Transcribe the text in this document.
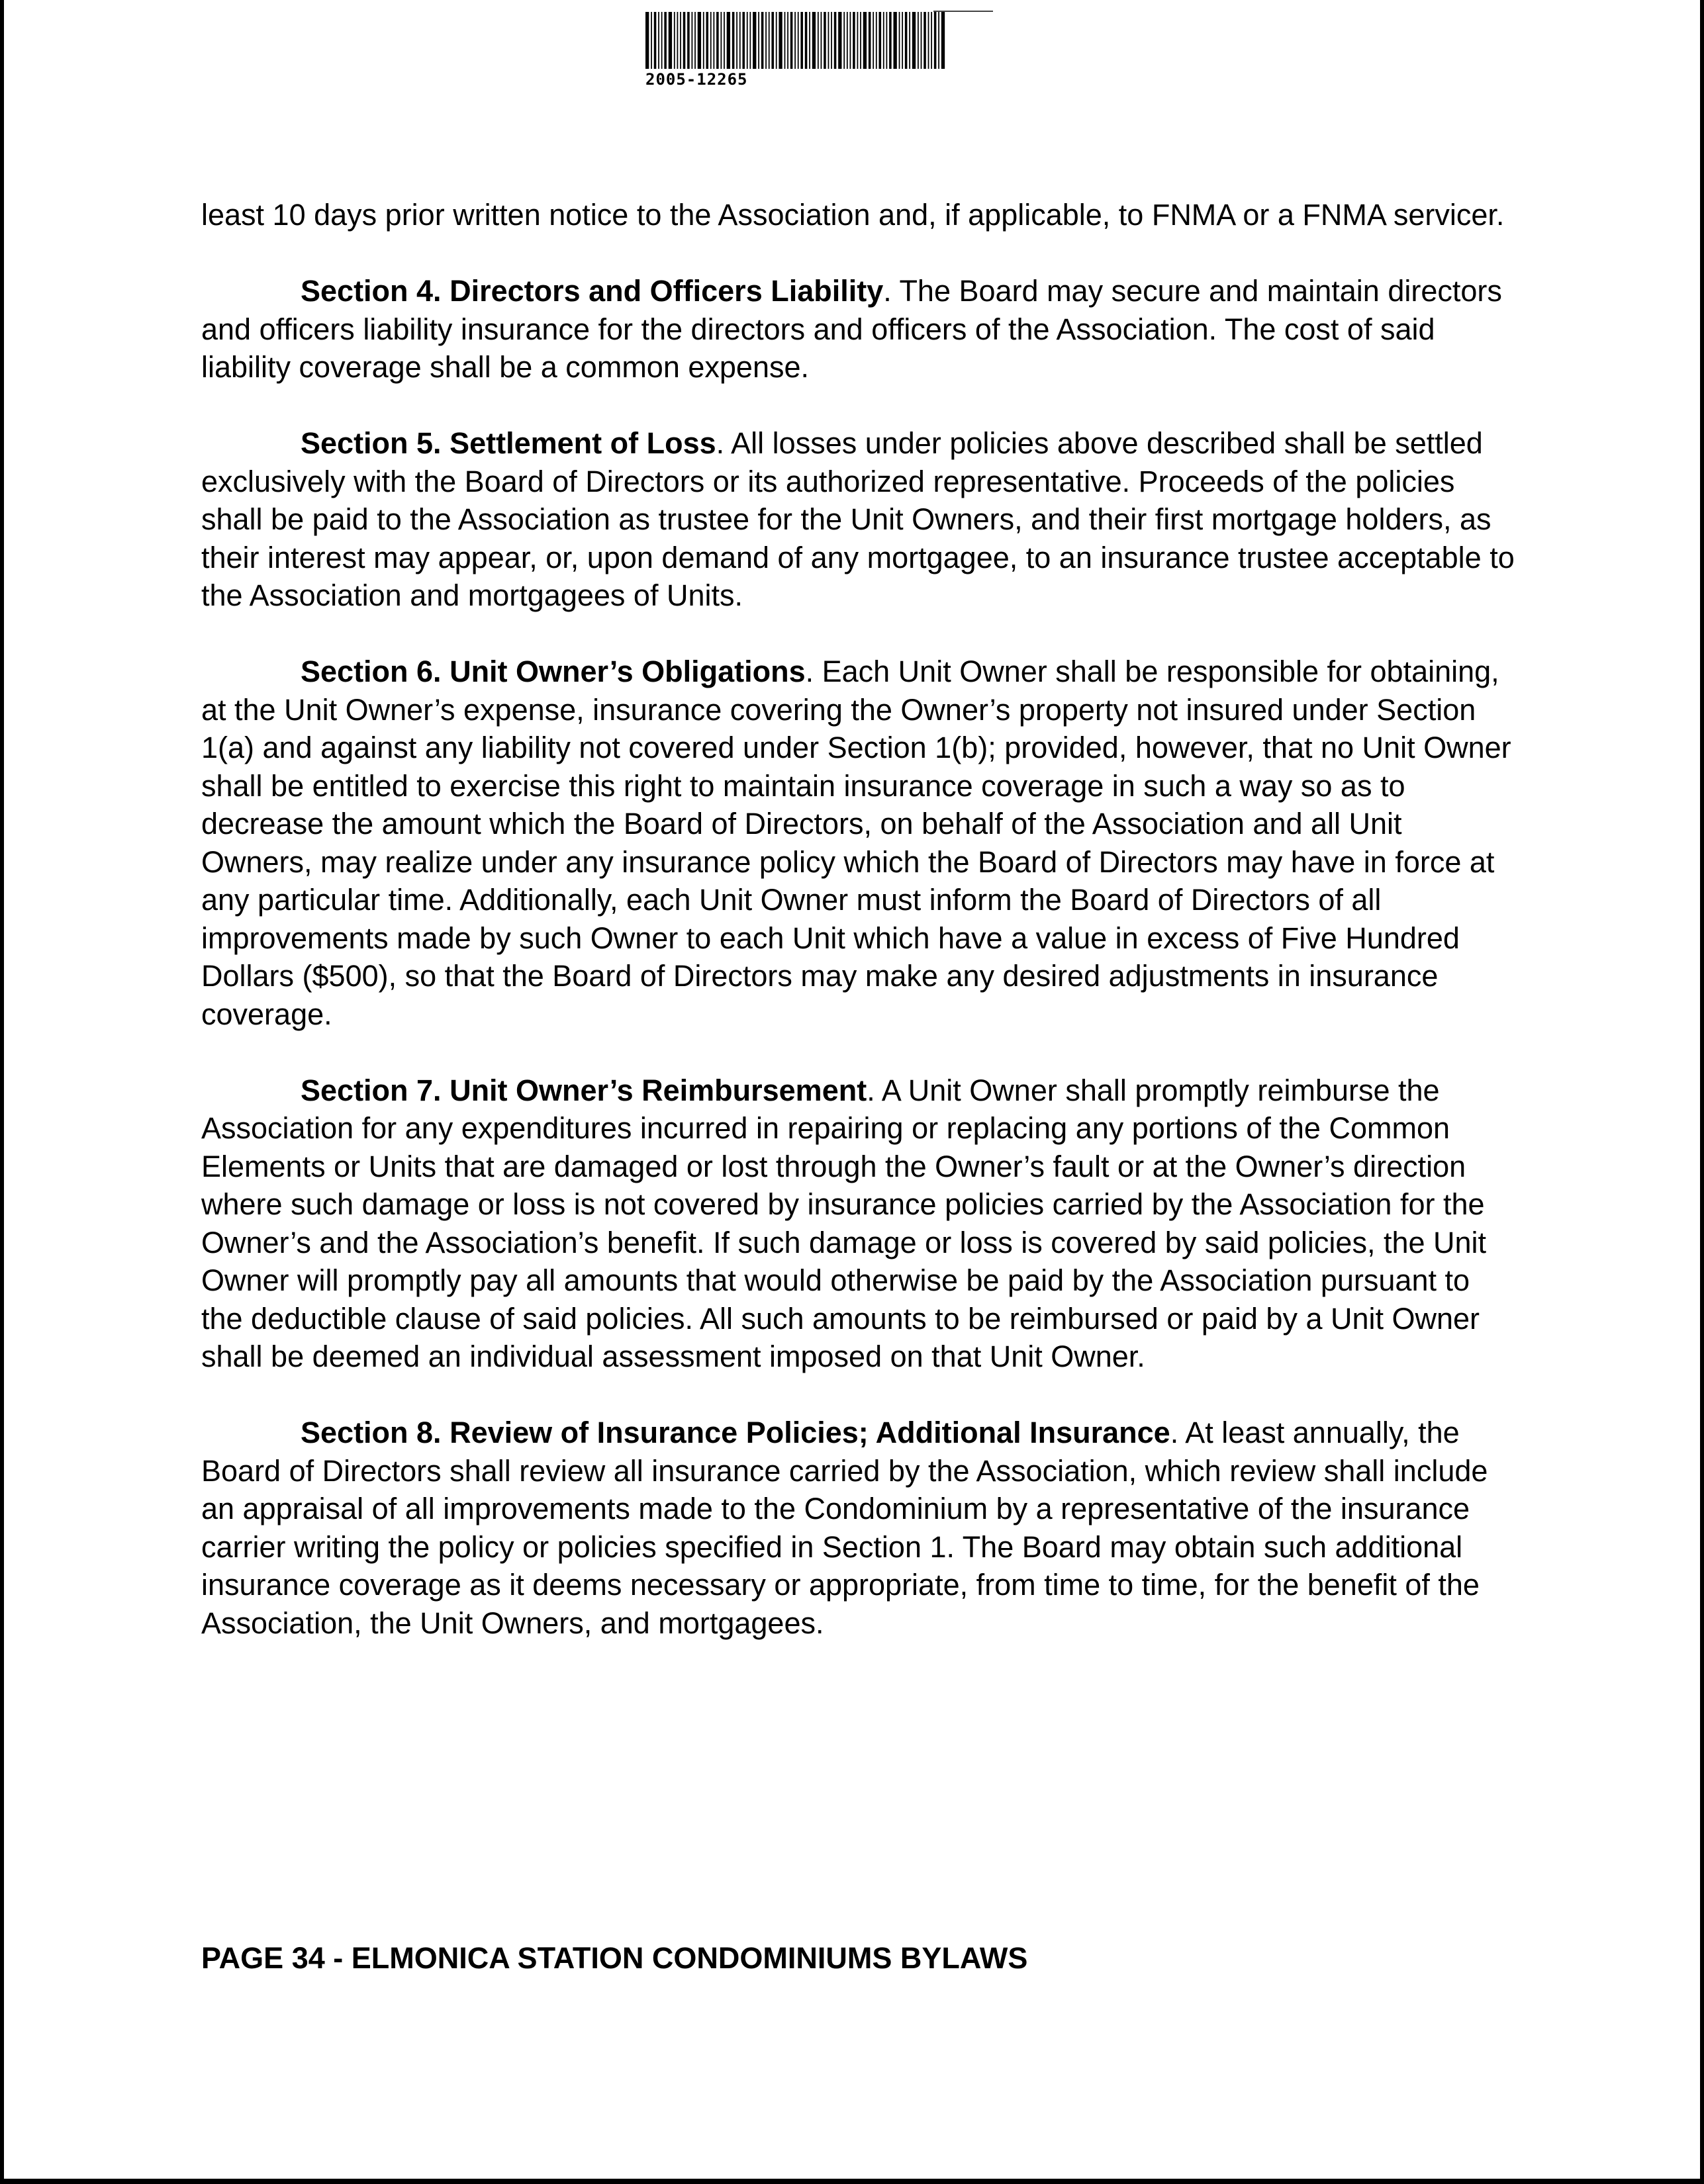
2005-12265

least 10 days prior written notice to the Association and, if applicable, to FNMA or a FNMA servicer.

Section 4. Directors and Officers Liability. The Board may secure and maintain directors and officers liability insurance for the directors and officers of the Association. The cost of said liability coverage shall be a common expense.

Section 5. Settlement of Loss. All losses under policies above described shall be settled exclusively with the Board of Directors or its authorized representative. Proceeds of the policies shall be paid to the Association as trustee for the Unit Owners, and their first mortgage holders, as their interest may appear, or, upon demand of any mortgagee, to an insurance trustee acceptable to the Association and mortgagees of Units.

Section 6. Unit Owner’s Obligations. Each Unit Owner shall be responsible for obtaining, at the Unit Owner’s expense, insurance covering the Owner’s property not insured under Section 1(a) and against any liability not covered under Section 1(b); provided, however, that no Unit Owner shall be entitled to exercise this right to maintain insurance coverage in such a way so as to decrease the amount which the Board of Directors, on behalf of the Association and all Unit Owners, may realize under any insurance policy which the Board of Directors may have in force at any particular time. Additionally, each Unit Owner must inform the Board of Directors of all improvements made by such Owner to each Unit which have a value in excess of Five Hundred Dollars ($500), so that the Board of Directors may make any desired adjustments in insurance coverage.

Section 7. Unit Owner’s Reimbursement. A Unit Owner shall promptly reimburse the Association for any expenditures incurred in repairing or replacing any portions of the Common Elements or Units that are damaged or lost through the Owner’s fault or at the Owner’s direction where such damage or loss is not covered by insurance policies carried by the Association for the Owner’s and the Association’s benefit. If such damage or loss is covered by said policies, the Unit Owner will promptly pay all amounts that would otherwise be paid by the Association pursuant to the deductible clause of said policies. All such amounts to be reimbursed or paid by a Unit Owner shall be deemed an individual assessment imposed on that Unit Owner.

Section 8. Review of Insurance Policies; Additional Insurance. At least annually, the Board of Directors shall review all insurance carried by the Association, which review shall include an appraisal of all improvements made to the Condominium by a representative of the insurance carrier writing the policy or policies specified in Section 1. The Board may obtain such additional insurance coverage as it deems necessary or appropriate, from time to time, for the benefit of the Association, the Unit Owners, and mortgagees.

PAGE 34 - ELMONICA STATION CONDOMINIUMS BYLAWS
